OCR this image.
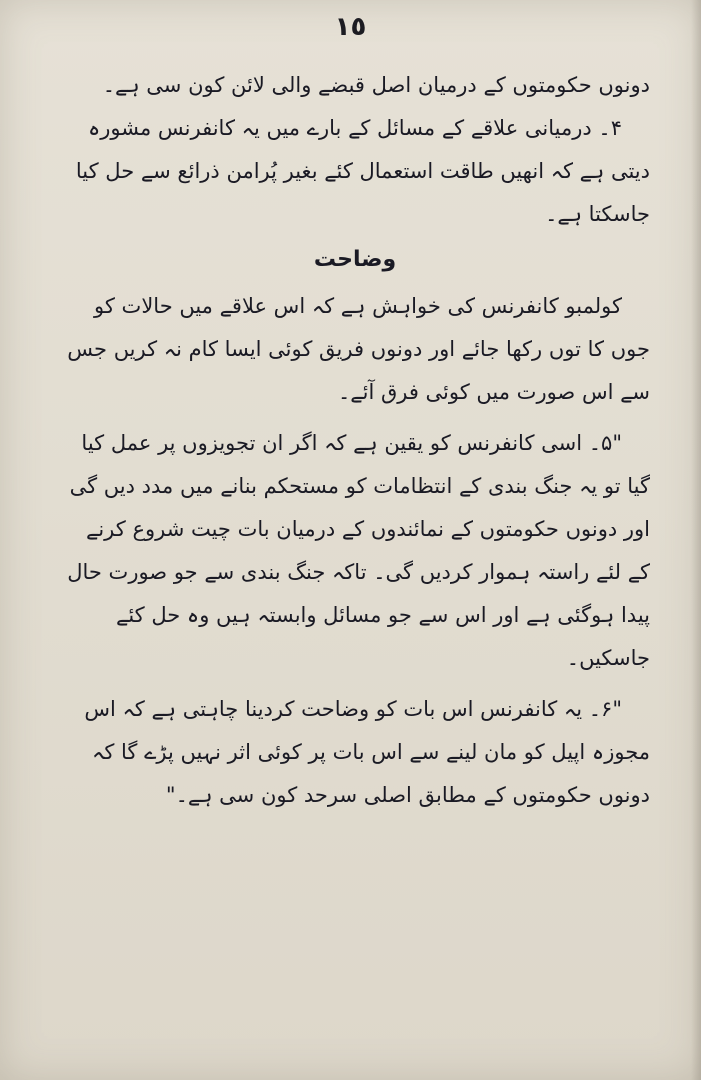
١٥

دونوں حکومتوں کے درمیان اصل قبضے والی لائن کون سی ہے۔

۴۔ درمیانی علاقے کے مسائل کے بارے میں یہ کانفرنس مشورہ دیتی ہے کہ انھیں طاقت استعمال کئے بغیر پُرامن ذرائع سے حل کیا جاسکتا ہے۔

وضاحت

کولمبو کانفرنس کی خواہش ہے کہ اس علاقے میں حالات کو جوں کا توں رکھا جائے اور دونوں فریق کوئی ایسا کام نہ کریں جس سے اس صورت میں کوئی فرق آئے۔

"۵۔ اسی کانفرنس کو یقین ہے کہ اگر ان تجویزوں پر عمل کیا گیا تو یہ جنگ بندی کے انتظامات کو مستحکم بنانے میں مدد دیں گی اور دونوں حکومتوں کے نمائندوں کے درمیان بات چیت شروع کرنے کے لئے راستہ ہموار کردیں گی۔ تاکہ جنگ بندی سے جو صورت حال پیدا ہوگئی ہے اور اس سے جو مسائل وابستہ ہیں وہ حل کئے جاسکیں۔

"۶۔ یہ کانفرنس اس بات کو وضاحت کردینا چاہتی ہے کہ اس مجوزہ اپیل کو مان لینے سے اس بات پر کوئی اثر نہیں پڑے گا کہ دونوں حکومتوں کے مطابق اصلی سرحد کون سی ہے۔"
